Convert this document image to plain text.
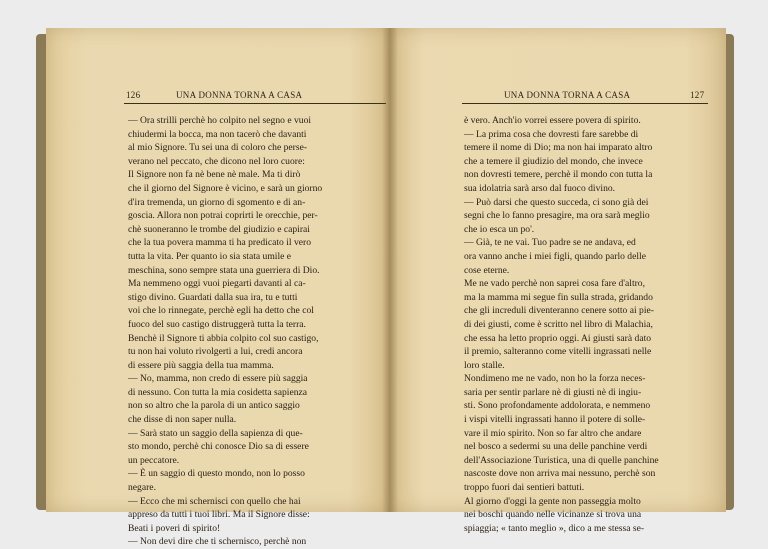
126	UNA DONNA TORNA A CASA
— Ora strilli perchè ho colpito nel segno e vuoi
chiudermi la bocca, ma non tacerò che davanti
al mio Signore. Tu sei una di coloro che perse-
verano nel peccato, che dicono nel loro cuore:
Il Signore non fa nè bene nè male. Ma ti dirò
che il giorno del Signore è vicino, e sarà un giorno
d'ira tremenda, un giorno di sgomento e di an-
goscia. Allora non potrai coprirti le orecchie, per-
chè suoneranno le trombe del giudizio e capirai
che la tua povera mamma ti ha predicato il vero
tutta la vita. Per quanto io sia stata umile e
meschina, sono sempre stata una guerriera di Dio.
Ma nemmeno oggi vuoi piegarti davanti al ca-
stigo divino. Guardati dalla sua ira, tu e tutti
voi che lo rinnegate, perchè egli ha detto che col
fuoco del suo castigo distruggerà tutta la terra.
Benchè il Signore ti abbia colpito col suo castigo,
tu non hai voluto rivolgerti a lui, credi ancora
di essere più saggia della tua mamma.
— No, mamma, non credo di essere più saggia
di nessuno. Con tutta la mia cosidetta sapienza
non so altro che la parola di un antico saggio
che disse di non saper nulla.
— Sarà stato un saggio della sapienza di que-
sto mondo, perchè chi conosce Dio sa di essere
un peccatore.
— È un saggio di questo mondo, non lo posso
negare.
— Ecco che mi schernisci con quello che hai
appreso da tutti i tuoi libri. Ma il Signore disse:
Beati i poveri di spirito!
— Non devi dire che ti schernisco, perchè non
UNA DONNA TORNA A CASA	127
è vero. Anch'io vorrei essere povera di spirito.
— La prima cosa che dovresti fare sarebbe di
temere il nome di Dio; ma non hai imparato altro
che a temere il giudizio del mondo, che invece
non dovresti temere, perchè il mondo con tutta la
sua idolatria sarà arso dal fuoco divino.
— Può darsi che questo succeda, ci sono già dei
segni che lo fanno presagire, ma ora sarà meglio
che io esca un po'.
— Già, te ne vai. Tuo padre se ne andava, ed
ora vanno anche i miei figli, quando parlo delle
cose eterne.
Me ne vado perchè non saprei cosa fare d'altro,
ma la mamma mi segue fin sulla strada, gridando
che gli increduli diventeranno cenere sotto ai pie-
di dei giusti, come è scritto nel libro di Malachia,
che essa ha letto proprio oggi. Ai giusti sarà dato
il premio, salteranno come vitelli ingrassati nelle
loro stalle.
Nondimeno me ne vado, non ho la forza neces-
saria per sentir parlare nè di giusti nè di ingiu-
sti. Sono profondamente addolorata, e nemmeno
i vispi vitelli ingrassati hanno il potere di solle-
vare il mio spirito. Non so far altro che andare
nel bosco a sedermi su una delle panchine verdi
dell'Associazione Turistica, una di quelle panchine
nascoste dove non arriva mai nessuno, perchè son
troppo fuori dai sentieri battuti.
Al giorno d'oggi la gente non passeggia molto
nei boschi quando nelle vicinanze si trova una
spiaggia; « tanto meglio », dico a me stessa se-
